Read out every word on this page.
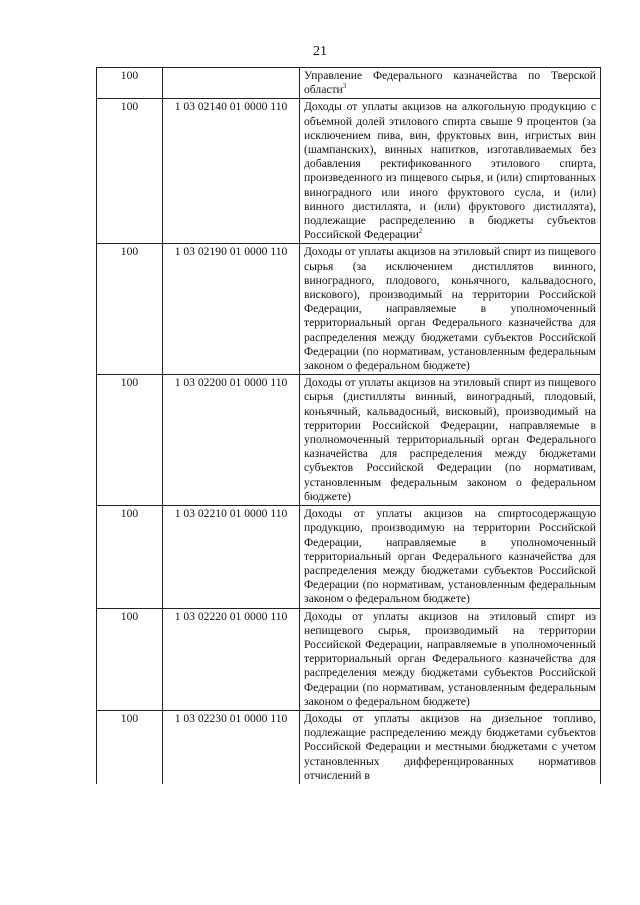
21
100		Управление Федерального казначейства по Тверской области$^3$
100	1 03 02140 01 0000 110	Доходы от уплаты акцизов на алкогольную продукцию с объемной долей этилового спирта свыше 9 процентов (за исключением пива, вин, фруктовых вин, игристых вин (шампанских), винных напитков, изготавливаемых без добавления ректификованного этилового спирта, произведенного из пищевого сырья, и (или) спиртованных виноградного или иного фруктового сусла, и (или) винного дистиллята, и (или) фруктового дистиллята), подлежащие распределению в бюджеты субъектов Российской Федерации$^2$
100	1 03 02190 01 0000 110	Доходы от уплаты акцизов на этиловый спирт из пищевого сырья (за исключением дистиллятов винного, виноградного, плодового, коньячного, кальвадосного, вискового), производимый на территории Российской Федерации, направляемые в уполномоченный территориальный орган Федерального казначейства для распределения между бюджетами субъектов Российской Федерации (по нормативам, установленным федеральным законом о федеральном бюджете)
100	1 03 02200 01 0000 110	Доходы от уплаты акцизов на этиловый спирт из пищевого сырья (дистилляты винный, виноградный, плодовый, коньячный, кальвадосный, висковый), производимый на территории Российской Федерации, направляемые в уполномоченный территориальный орган Федерального казначейства для распределения между бюджетами субъектов Российской Федерации (по нормативам, установленным федеральным законом о федеральном бюджете)
100	1 03 02210 01 0000 110	Доходы от уплаты акцизов на спиртосодержащую продукцию, производимую на территории Российской Федерации, направляемые в уполномоченный территориальный орган Федерального казначейства для распределения между бюджетами субъектов Российской Федерации (по нормативам, установленным федеральным законом о федеральном бюджете)
100	1 03 02220 01 0000 110	Доходы от уплаты акцизов на этиловый спирт из непищевого сырья, производимый на территории Российской Федерации, направляемые в уполномоченный территориальный орган Федерального казначейства для распределения между бюджетами субъектов Российской Федерации (по нормативам, установленным федеральным законом о федеральном бюджете)
100	1 03 02230 01 0000 110	Доходы от уплаты акцизов на дизельное топливо, подлежащие распределению между бюджетами субъектов Российской Федерации и местными бюджетами с учетом установленных дифференцированных нормативов отчислений в
